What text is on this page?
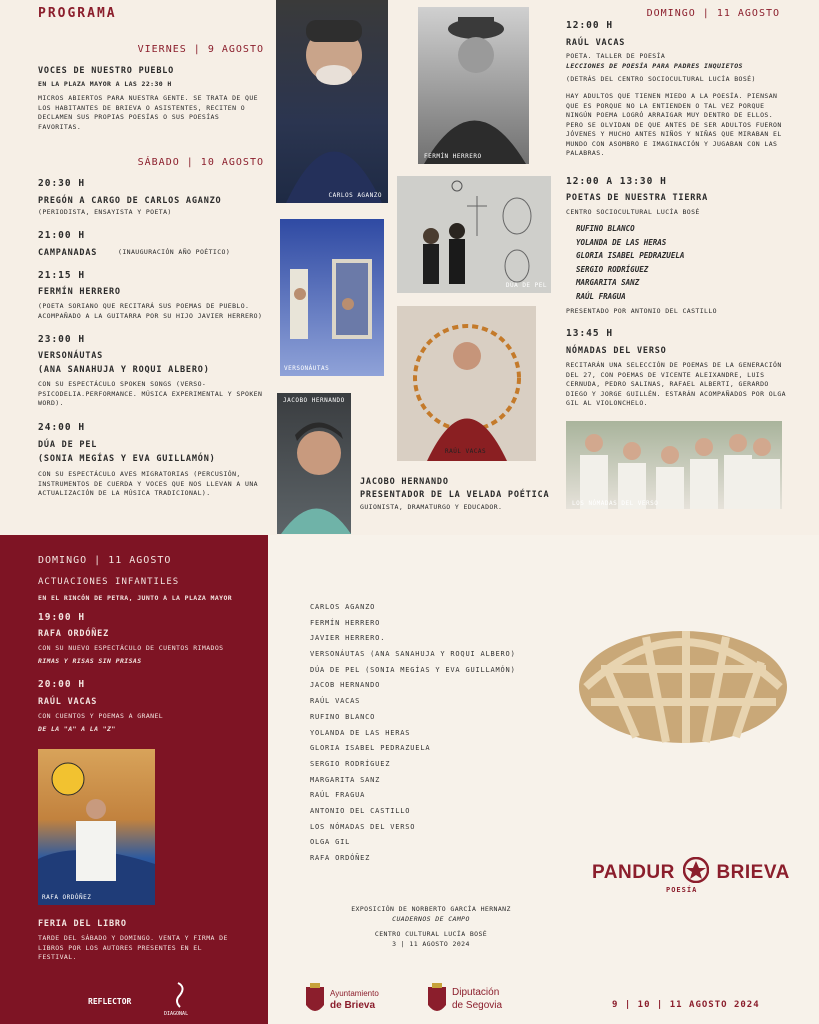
PROGRAMA
VIERNES | 9 AGOSTO
VOCES DE NUESTRO PUEBLO
EN LA PLAZA MAYOR A LAS 22:30 H
MICROS ABIERTOS PARA NUESTRA GENTE. SE TRATA DE QUE LOS HABITANTES DE BRIEVA O ASISTENTES, RECITEN O DECLAMEN SUS PROPIAS POESÍAS O SUS POESÍAS FAVORITAS.
SÁBADO | 10 AGOSTO
20:30 H
PREGÓN A CARGO DE CARLOS AGANZO
(PERIODISTA, ENSAYISTA Y POETA)
21:00 H
CAMPANADAS	(INAUGURACIÓN AÑO POÉTICO)
21:15 H
FERMÍN HERRERO
(POETA SORIANO QUE RECITARÁ SUS POEMAS DE PUEBLO. ACOMPAÑADO A LA GUITARRA POR SU HIJO JAVIER HERRERO)
23:00 H
VERSONÁUTAS
(ANA SANAHUJA Y ROQUI ALBERO)
CON SU ESPECTÁCULO SPOKEN SONGS (VERSO-PSICODELIA.PERFORMANCE. MÚSICA EXPERIMENTAL Y SPOKEN WORD).
24:00 H
DÚA DE PEL
(SONIA MEGÍAS Y EVA GUILLAMÓN)
CON SU ESPECTÁCULO AVES MIGRATORIAS (PERCUSIÓN, INSTRUMENTOS DE CUERDA Y VOCES QUE NOS LLEVAN A UNA ACTUALIZACIÓN DE LA MÚSICA TRADICIONAL).
CARLOS AGANZO
VERSONÁUTAS
JACOBO HERNANDO
FERMÍN HERRERO
DÚA DE PEL
RAÚL VACAS
JACOBO HERNANDO
PRESENTADOR DE LA VELADA POÉTICA
GUIONISTA, DRAMATURGO Y EDUCADOR.
DOMINGO | 11 AGOSTO
12:00 H
RAÚL VACAS
POETA. TALLER DE POESÍA
LECCIONES DE POESÍA PARA PADRES INQUIETOS
(DETRÁS DEL CENTRO SOCIOCULTURAL LUCÍA BOSÉ)
HAY ADULTOS QUE TIENEN MIEDO A LA POESÍA. PIENSAN QUE ES PORQUE NO LA ENTIENDEN O TAL VEZ PORQUE NINGÚN POEMA LOGRÓ ARRAIGAR MUY DENTRO DE ELLOS. PERO SE OLVIDAN DE QUE ANTES DE SER ADULTOS FUERON JÓVENES Y MUCHO ANTES NIÑOS Y NIÑAS QUE MIRABAN EL MUNDO CON ASOMBRO E IMAGINACIÓN Y JUGABAN CON LAS PALABRAS.
12:00 A 13:30 H
POETAS DE NUESTRA TIERRA
CENTRO SOCIOCULTURAL LUCÍA BOSÉ
RUFINO BLANCO
YOLANDA DE LAS HERAS
GLORIA ISABEL PEDRAZUELA
SERGIO RODRÍGUEZ
MARGARITA SANZ
RAÚL FRAGUA
PRESENTADO POR ANTONIO DEL CASTILLO
13:45 H
NÓMADAS DEL VERSO
RECITARÁN UNA SELECCIÓN DE POEMAS DE LA GENERACIÓN DEL 27, CON POEMAS DE VICENTE ALEIXANDRE, LUIS CERNUDA, PEDRO SALINAS, RAFAEL ALBERTI, GERARDO DIEGO Y JORGE GUILLÉN. ESTARÁN ACOMPAÑADOS POR OLGA GIL AL VIOLONCHELO.
LOS NÓMADAS DEL VERSO
DOMINGO | 11 AGOSTO
ACTUACIONES INFANTILES
EN EL RINCÓN DE PETRA, JUNTO A LA PLAZA MAYOR
19:00 H
RAFA ORDÓÑEZ
CON SU NUEVO ESPECTÁCULO DE CUENTOS RIMADOS
RIMAS Y RISAS SIN PRISAS
20:00 H
RAÚL VACAS
CON CUENTOS Y POEMAS A GRANEL
DE LA "A" A LA "Z"
RAFA ORDÓÑEZ
FERIA DEL LIBRO
TARDE DEL SÁBADO Y DOMINGO. VENTA Y FIRMA DE LIBROS POR LOS AUTORES PRESENTES EN EL FESTIVAL.
REFLECTOR
DIAGONAL
CARLOS AGANZO
FERMÍN HERRERO
JAVIER HERRERO.
VERSONÁUTAS (ANA SANAHUJA Y ROQUI ALBERO)
DÚA DE PEL (SONIA MEGÍAS Y EVA GUILLAMÓN)
JACOB HERNANDO
RAÚL VACAS
RUFINO BLANCO
YOLANDA DE LAS HERAS
GLORIA ISABEL PEDRAZUELA
SERGIO RODRÍGUEZ
MARGARITA SANZ
RAÚL FRAGUA
ANTONIO DEL CASTILLO
LOS NÓMADAS DEL VERSO
OLGA GIL
RAFA ORDÓÑEZ
EXPOSICIÓN DE NORBERTO GARCÍA HERNANZ
CUADERNOS DE CAMPO
CENTRO CULTURAL LUCÍA BOSÉ
3 | 11 AGOSTO 2024
PANDUR BRIEVA
POESÍA
Ayuntamiento
de Brieva
Diputación
de Segovia	9 | 10 | 11 AGOSTO 2024
